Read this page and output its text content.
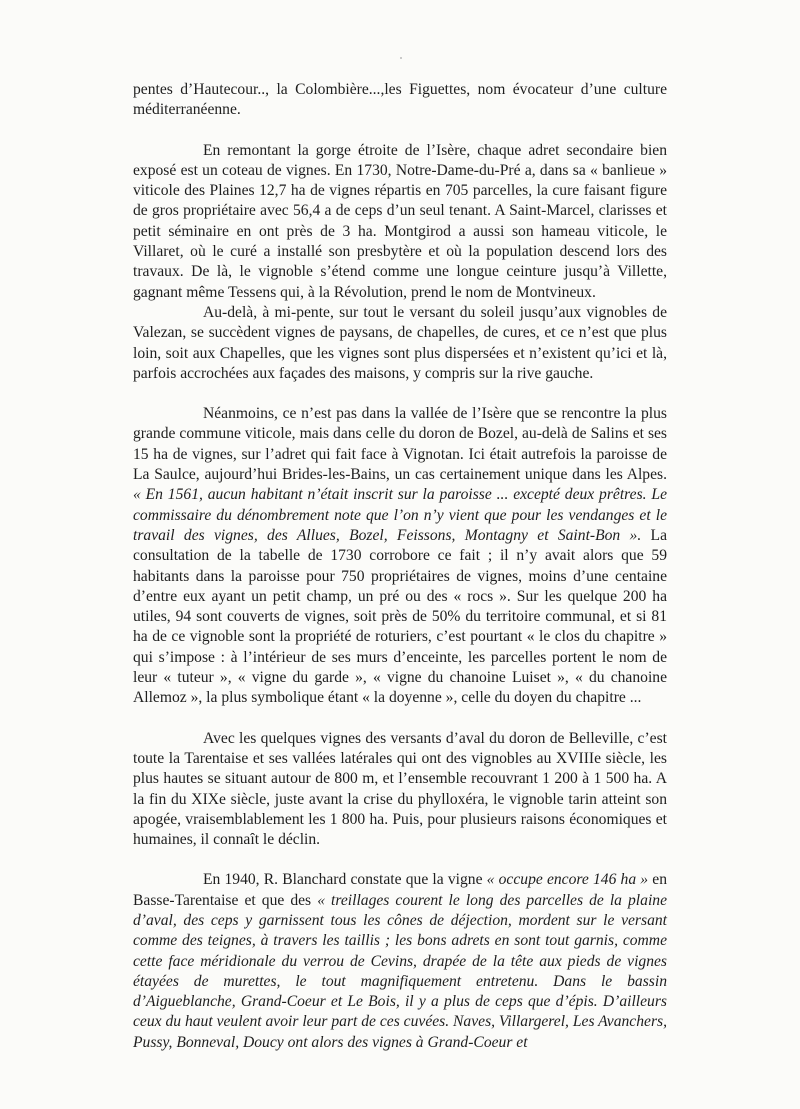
pentes d’Hautecour.., la Colombière...,les Figuettes, nom évocateur d’une culture méditerranéenne.

En remontant la gorge étroite de l’Isère, chaque adret secondaire bien exposé est un coteau de vignes. En 1730, Notre-Dame-du-Pré a, dans sa « banlieue » viticole des Plaines 12,7 ha de vignes répartis en 705 parcelles, la cure faisant figure de gros propriétaire avec 56,4 a de ceps d’un seul tenant. A Saint-Marcel, clarisses et petit séminaire en ont près de 3 ha. Montgirod a aussi son hameau viticole, le Villaret, où le curé a installé son presbytère et où la population descend lors des travaux. De là, le vignoble s’étend comme une longue ceinture jusqu’à Villette, gagnant même Tessens qui, à la Révolution, prend le nom de Montvineux.

Au-delà, à mi-pente, sur tout le versant du soleil jusqu’aux vignobles de Valezan, se succèdent vignes de paysans, de chapelles, de cures, et ce n’est que plus loin, soit aux Chapelles, que les vignes sont plus dispersées et n’existent qu’ici et là, parfois accrochées aux façades des maisons, y compris sur la rive gauche.

Néanmoins, ce n’est pas dans la vallée de l’Isère que se rencontre la plus grande commune viticole, mais dans celle du doron de Bozel, au-delà de Salins et ses 15 ha de vignes, sur l’adret qui fait face à Vignotan. Ici était autrefois la paroisse de La Saulce, aujourd’hui Brides-les-Bains, un cas certainement unique dans les Alpes. « En 1561, aucun habitant n’était inscrit sur la paroisse ... excepté deux prêtres. Le commissaire du dénombrement note que l’on n’y vient que pour les vendanges et le travail des vignes, des Allues, Bozel, Feissons, Montagny et Saint-Bon ». La consultation de la tabelle de 1730 corrobore ce fait ; il n’y avait alors que 59 habitants dans la paroisse pour 750 propriétaires de vignes, moins d’une centaine d’entre eux ayant un petit champ, un pré ou des « rocs ». Sur les quelque 200 ha utiles, 94 sont couverts de vignes, soit près de 50% du territoire communal, et si 81 ha de ce vignoble sont la propriété de roturiers, c’est pourtant « le clos du chapitre » qui s’impose : à l’intérieur de ses murs d’enceinte, les parcelles portent le nom de leur « tuteur », « vigne du garde », « vigne du chanoine Luiset », « du chanoine Allemoz », la plus symbolique étant « la doyenne », celle du doyen du chapitre ...

Avec les quelques vignes des versants d’aval du doron de Belleville, c’est toute la Tarentaise et ses vallées latérales qui ont des vignobles au XVIIIe siècle, les plus hautes se situant autour de 800 m, et l’ensemble recouvrant 1 200 à 1 500 ha. A la fin du XIXe siècle, juste avant la crise du phylloxéra, le vignoble tarin atteint son apogée, vraisemblablement les 1 800 ha. Puis, pour plusieurs raisons économiques et humaines, il connaît le déclin.

En 1940, R. Blanchard constate que la vigne « occupe encore 146 ha » en Basse-Tarentaise et que des « treillages courent le long des parcelles de la plaine d’aval, des ceps y garnissent tous les cônes de déjection, mordent sur le versant comme des teignes, à travers les taillis ; les bons adrets en sont tout garnis, comme cette face méridionale du verrou de Cevins, drapée de la tête aux pieds de vignes étayées de murettes, le tout magnifiquement entretenu. Dans le bassin d’Aigueblanche, Grand-Coeur et Le Bois, il y a plus de ceps que d’épis. D’ailleurs ceux du haut veulent avoir leur part de ces cuvées. Naves, Villargerel, Les Avanchers, Pussy, Bonneval, Doucy ont alors des vignes à Grand-Coeur et
